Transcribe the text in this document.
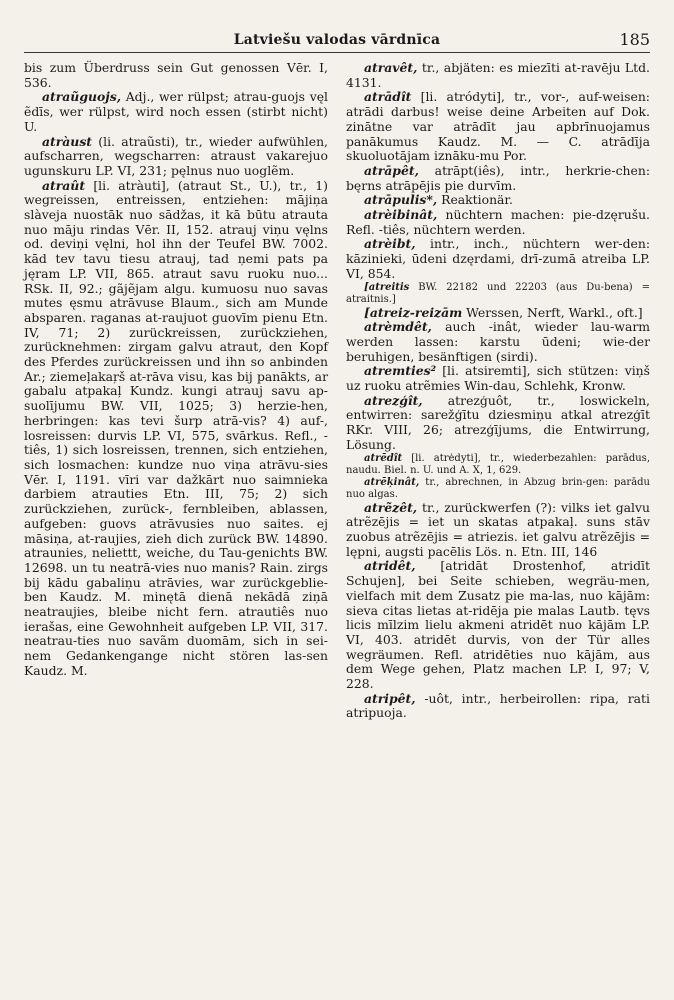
Latviešu valodas vārdnīca	185

bis zum Überdruss sein Gut genossen Vēr. I, 536.

atraũguojs, Adj., wer rülpst; atrau-guojs vęl ẽdīs, wer rülpst, wird noch essen (stirbt nicht) U.

atràust (li. atraũsti), tr., wieder aufwühlen, aufscharren, wegscharren: atraust vakarejuo ugunskuru LP. VI, 231; pęlnus nuo uoglẽm.

atraût [li. atràuti], (atraut St., U.), tr., 1) wegreissen, entreissen, entziehen: mājiņa slàveja nuostāk nuo sādžas, it kā būtu atrauta nuo māju rindas Vēr. II, 152. atrauj viņu vęlns od. deviņi vęlni, hol ihn der Teufel BW. 7002. kād tev tavu tiesu atrauj, tad ņemi pats pa jęram LP. VII, 865. atraut savu ruoku nuo... RSk. II, 92.; gãjẽjam algu. kumuosu nuo savas mutes ęsmu atrāvuse Blaum., sich am Munde absparen. raganas at-raujuot guovīm pienu Etn. IV, 71; 2) zurückreissen, zurückziehen, zurücknehmen: zirgam galvu atraut, den Kopf des Pferdes zurückreissen und ihn so anbinden Ar.; ziemeļakaŗš at-rāva visu, kas bij panākts, ar gabalu atpakaļ Kundz. kungi atrauj savu ap-suolījumu BW. VII, 1025; 3) herzie-hen, herbringen: kas tevi šurp atrā-vis? 4) auf-, losreissen: durvis LP. VI, 575, svārkus. Refl., -tiês, 1) sich losreissen, trennen, sich entziehen, sich losmachen: kundze nuo viņa atrāvu-sies Vēr. I, 1191. vīri var dažkārt nuo saimnieka darbiem atrauties Etn. III, 75; 2) sich zurückziehen, zurück-, fernbleiben, ablassen, aufgeben: guovs atrāvusies nuo saites. ej māsiņa, at-raujies, zieh dich zurück BW. 14890. atraunies, neliettt, weiche, du Tau-genichts BW. 12698. un tu neatrā-vies nuo manis? Rain. zirgs bij kādu gabaliņu atrāvies, war zurückgeblie-ben Kaudz. M. minętā dienā nekādā ziņā neatraujies, bleibe nicht fern. atrautiês nuo ierašas, eine Gewohnheit aufgeben LP. VII, 317. neatrau-ties nuo savãm duomām, sich in sei-nem Gedankengange nicht stören las-sen Kaudz. M.

atravêt, tr., abjäten: es miezīti at-ravēju Ltd. 4131.

atrādît [li. atródyti], tr., vor-, auf-weisen: atrādi darbus! weise deine Arbeiten auf Dok. zinātne var atrādīt jau apbrīnuojamus panākumus Kaudz. M. — C. atrādīja skuoluotājam iznāku-mu Por.

atrāpêt, atrāpt(iês), intr., herkrie-chen: bęrns atrāpējis pie durvīm.

atrāpulis*, Reaktionär.

atrèibinât, nüchtern machen: pie-dzęrušu. Refl. -tiês, nüchtern werden.

atrèibt, intr., inch., nüchtern wer-den: kāzinieki, ūdeni dzęrdami, drī-zumā atreiba LP. VI, 854.

[atreitis BW. 22182 und 22203 (aus Du-bena) = atraitnis.]

[atreiz-reizām Werssen, Nerft, Warkl., oft.]

atrèmdêt, auch -inât, wieder lau-warm werden lassen: karstu ūdeni; wie-der beruhigen, besänftigen (sirdi).

atremties² [li. atsiremti], sich stützen: viņš uz ruoku atrẽmies Win-dau, Schlehk, Kronw.

atrezģît, atrezģuôt, tr., loswickeln, entwirren: sarežģītu dziesmiņu atkal atrezģīt RKr. VIII, 26; atrezģījums, die Entwirrung, Lösung.

atrēdît [li. atrėdyti], tr., wiederbezahlen: parādus, naudu. Biel. n. U. und A. X, 1, 629.

atrēķinât, tr., abrechnen, in Abzug brin-gen: parādu nuo algas.

atrẽzêt, tr., zurückwerfen (?): vilks iet galvu atrẽzējis = iet un skatas atpakaļ. suns stāv zuobus atrẽzējis = atriezis. iet galvu atrẽzējis = lępni, augsti pacēlis Lös. n. Etn. III, 146

atridêt, [atridāt Drostenhof, atridīt Schujen], bei Seite schieben, wegräu-men, vielfach mit dem Zusatz pie ma-las, nuo kājām: sieva citas lietas at-ridēja pie malas Lautb. tęvs licis mīlzim lielu akmeni atridēt nuo kājām LP. VI, 403. atridēt durvis, von der Tür alles wegräumen. Refl. atridēties nuo kājām, aus dem Wege gehen, Platz machen LP. I, 97; V, 228.

atripêt, -uôt, intr., herbeirollen: ripa, rati atripuoja.
